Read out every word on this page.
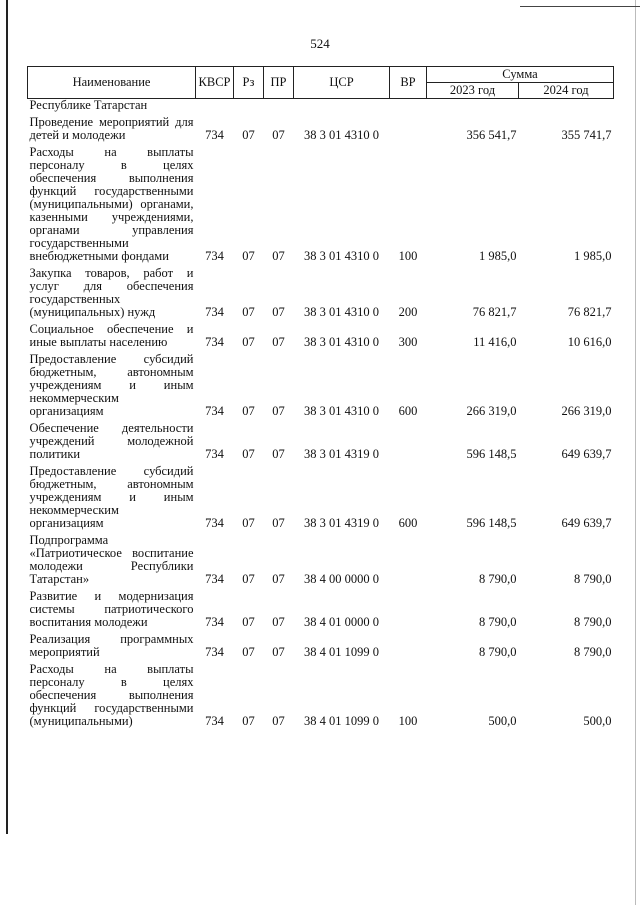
524
Наименование	КВСР	Рз	ПР	ЦСР	ВР	Сумма	
						2023 год	2024 год
Республике Татарстан							
Проведение мероприятий для детей и молодежи	734	07	07	38 3 01 4310 0		356 541,7	355 741,7
Расходы на выплаты персоналу в целях обеспечения выполнения функций государственными (муниципальными) органами, казенными учреждениями, органами управления государственными внебюджетными фондами	734	07	07	38 3 01 4310 0	100	1 985,0	1 985,0
Закупка товаров, работ и услуг для обеспечения государственных (муниципальных) нужд	734	07	07	38 3 01 4310 0	200	76 821,7	76 821,7
Социальное обеспечение и иные выплаты населению	734	07	07	38 3 01 4310 0	300	11 416,0	10 616,0
Предоставление субсидий бюджетным, автономным учреждениям и иным некоммерческим организациям	734	07	07	38 3 01 4310 0	600	266 319,0	266 319,0
Обеспечение деятельности учреждений молодежной политики	734	07	07	38 3 01 4319 0		596 148,5	649 639,7
Предоставление субсидий бюджетным, автономным учреждениям и иным некоммерческим организациям	734	07	07	38 3 01 4319 0	600	596 148,5	649 639,7
Подпрограмма «Патриотическое воспитание молодежи Республики Татарстан»	734	07	07	38 4 00 0000 0		8 790,0	8 790,0
Развитие и модернизация системы патриотического воспитания молодежи	734	07	07	38 4 01 0000 0		8 790,0	8 790,0
Реализация программных мероприятий	734	07	07	38 4 01 1099 0		8 790,0	8 790,0
Расходы на выплаты персоналу в целях обеспечения выполнения функций государственными (муниципальными)	734	07	07	38 4 01 1099 0	100	500,0	500,0
